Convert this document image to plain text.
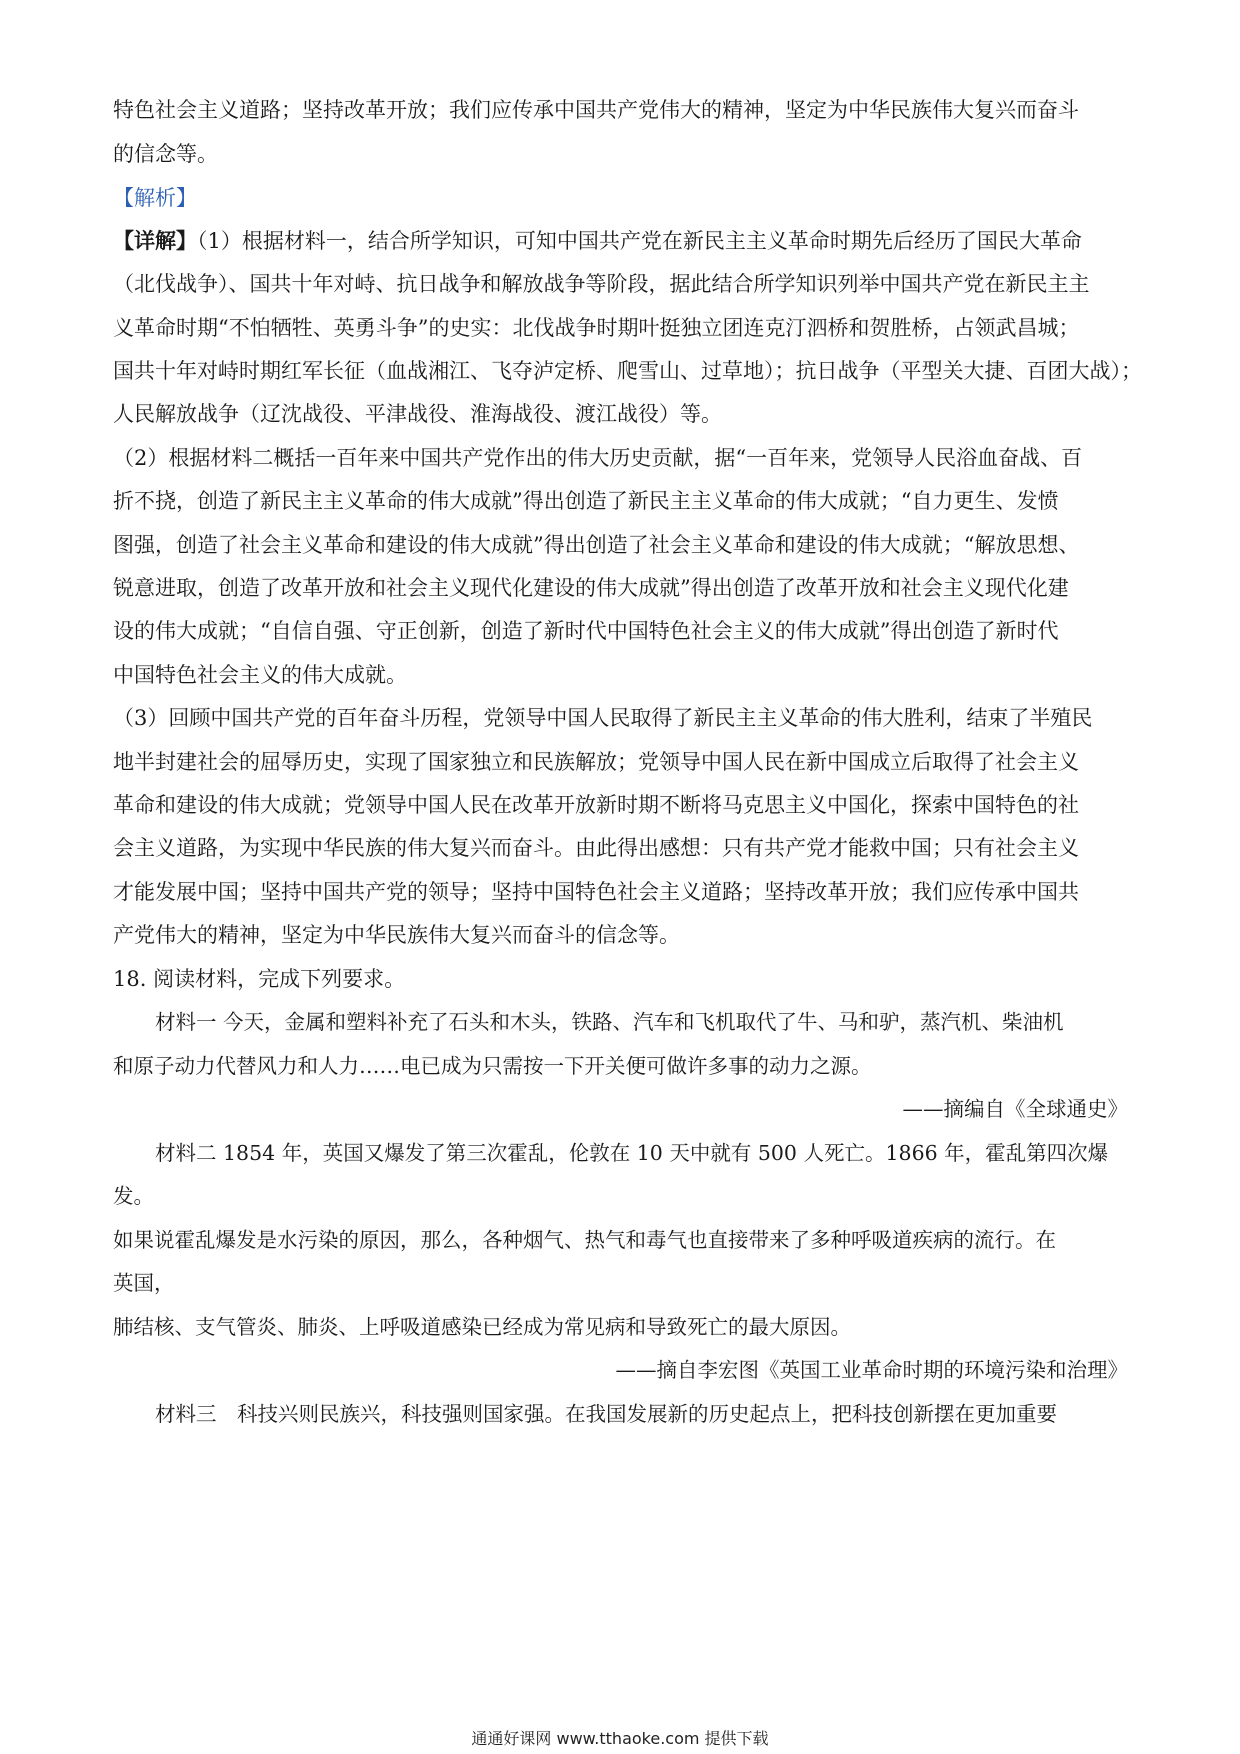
特色社会主义道路；坚持改革开放；我们应传承中国共产党伟大的精神，坚定为中华民族伟大复兴而奋斗
的信念等。
【解析】
【详解】（1）根据材料一，结合所学知识，可知中国共产党在新民主主义革命时期先后经历了国民大革命
（北伐战争）、国共十年对峙、抗日战争和解放战争等阶段，据此结合所学知识列举中国共产党在新民主主
义革命时期“不怕牺牲、英勇斗争”的史实：北伐战争时期叶挺独立团连克汀泗桥和贺胜桥，占领武昌城；
国共十年对峙时期红军长征（血战湘江、飞夺泸定桥、爬雪山、过草地）；抗日战争（平型关大捷、百团大战）；
人民解放战争（辽沈战役、平津战役、淮海战役、渡江战役）等。
（2）根据材料二概括一百年来中国共产党作出的伟大历史贡献，据“一百年来，党领导人民浴血奋战、百
折不挠，创造了新民主主义革命的伟大成就”得出创造了新民主主义革命的伟大成就；“自力更生、发愤
图强，创造了社会主义革命和建设的伟大成就”得出创造了社会主义革命和建设的伟大成就；“解放思想、
锐意进取，创造了改革开放和社会主义现代化建设的伟大成就”得出创造了改革开放和社会主义现代化建
设的伟大成就；“自信自强、守正创新，创造了新时代中国特色社会主义的伟大成就”得出创造了新时代
中国特色社会主义的伟大成就。
（3）回顾中国共产党的百年奋斗历程，党领导中国人民取得了新民主主义革命的伟大胜利，结束了半殖民
地半封建社会的屈辱历史，实现了国家独立和民族解放；党领导中国人民在新中国成立后取得了社会主义
革命和建设的伟大成就；党领导中国人民在改革开放新时期不断将马克思主义中国化，探索中国特色的社
会主义道路，为实现中华民族的伟大复兴而奋斗。由此得出感想：只有共产党才能救中国；只有社会主义
才能发展中国；坚持中国共产党的领导；坚持中国特色社会主义道路；坚持改革开放；我们应传承中国共
产党伟大的精神，坚定为中华民族伟大复兴而奋斗的信念等。
18. 阅读材料，完成下列要求。
材料一 今天，金属和塑料补充了石头和木头，铁路、汽车和飞机取代了牛、马和驴，蒸汽机、柴油机
和原子动力代替风力和人力……电已成为只需按一下开关便可做许多事的动力之源。
——摘编自《全球通史》
材料二 1854 年，英国又爆发了第三次霍乱，伦敦在 10 天中就有 500 人死亡。1866 年，霍乱第四次爆
发。
如果说霍乱爆发是水污染的原因，那么，各种烟气、热气和毒气也直接带来了多种呼吸道疾病的流行。在
英国，
肺结核、支气管炎、肺炎、上呼吸道感染已经成为常见病和导致死亡的最大原因。
——摘自李宏图《英国工业革命时期的环境污染和治理》
材料三　科技兴则民族兴，科技强则国家强。在我国发展新的历史起点上，把科技创新摆在更加重要
通通好课网 www.tthaoke.com 提供下载
